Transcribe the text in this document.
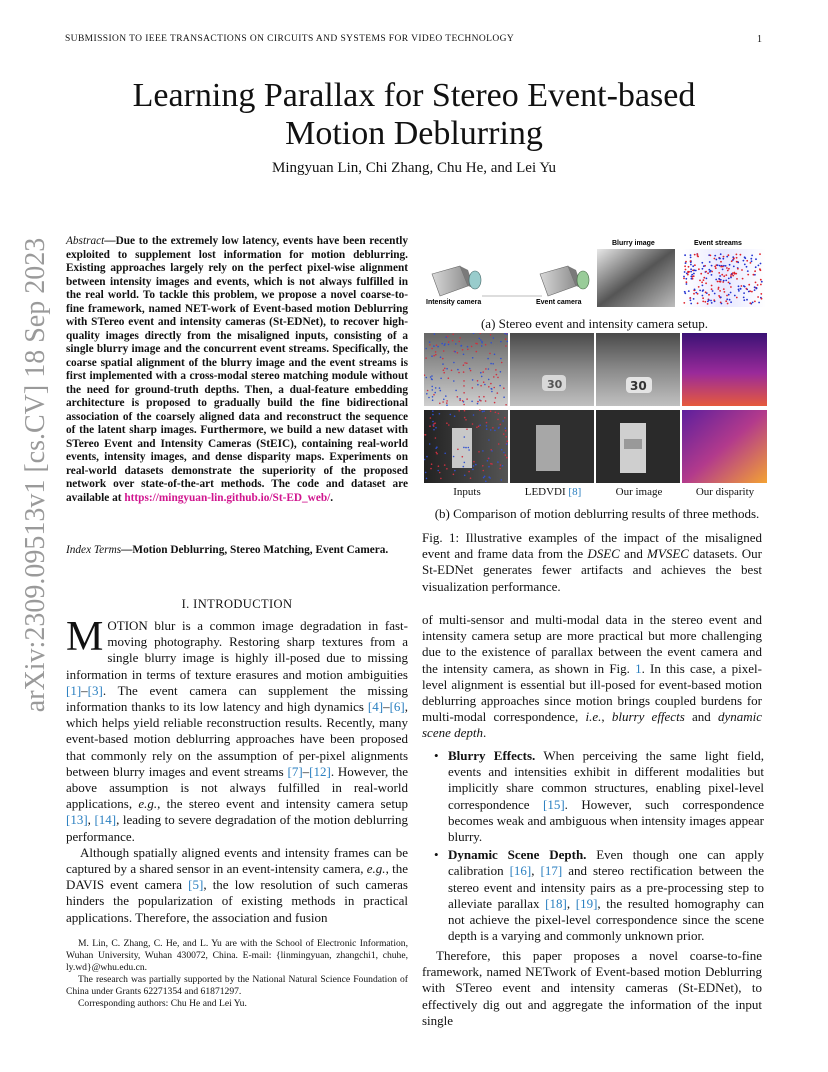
SUBMISSION TO IEEE TRANSACTIONS ON CIRCUITS AND SYSTEMS FOR VIDEO TECHNOLOGY	1
arXiv:2309.09513v1 [cs.CV] 18 Sep 2023
Learning Parallax for Stereo Event-based
Motion Deblurring
Mingyuan Lin, Chi Zhang, Chu He, and Lei Yu
Abstract—Due to the extremely low latency, events have been recently exploited to supplement lost information for motion deblurring. Existing approaches largely rely on the perfect pixel-wise alignment between intensity images and events, which is not always fulfilled in the real world. To tackle this problem, we propose a novel coarse-to-fine framework, named NET-work of Event-based motion Deblurring with STereo event and intensity cameras (St-EDNet), to recover high-quality images directly from the misaligned inputs, consisting of a single blurry image and the concurrent event streams. Specifically, the coarse spatial alignment of the blurry image and the event streams is first implemented with a cross-modal stereo matching module without the need for ground-truth depths. Then, a dual-feature embedding architecture is proposed to gradually build the fine bidirectional association of the coarsely aligned data and reconstruct the sequence of the latent sharp images. Furthermore, we build a new dataset with STereo Event and Intensity Cameras (StEIC), containing real-world events, intensity images, and dense disparity maps. Experiments on real-world datasets demonstrate the superiority of the proposed network over state-of-the-art methods. The code and dataset are available at https://mingyuan-lin.github.io/St-ED_web/.
Index Terms—Motion Deblurring, Stereo Matching, Event Camera.
I. INTRODUCTION

MOTION blur is a common image degradation in fast-moving photography. Restoring sharp textures from a single blurry image is highly ill-posed due to missing information in terms of texture erasures and motion ambiguities [1]–[3]. The event camera can supplement the missing information thanks to its low latency and high dynamics [4]–[6], which helps yield reliable reconstruction results. Recently, many event-based motion deblurring approaches have been proposed that commonly rely on the assumption of per-pixel alignments between blurry images and event streams [7]–[12]. However, the above assumption is not always fulfilled in real-world applications, e.g., the stereo event and intensity camera setup [13], [14], leading to severe degradation of the motion deblurring performance.

Although spatially aligned events and intensity frames can be captured by a shared sensor in an event-intensity camera, e.g., the DAVIS event camera [5], the low resolution of such cameras hinders the popularization of existing methods in practical applications. Therefore, the association and fusion

M. Lin, C. Zhang, C. He, and L. Yu are with the School of Electronic Information, Wuhan University, Wuhan 430072, China. E-mail: {linmingyuan, zhangchi1, chuhe, ly.wd}@whu.edu.cn.

The research was partially supported by the National Natural Science Foundation of China under Grants 62271354 and 61871297.

Corresponding authors: Chu He and Lei Yu.

Intensity camera	Event camera
Blurry image	Event streams
(a) Stereo event and intensity camera setup.
30	30
Inputs	LEDVDI [8]	Our image	Our disparity
(b) Comparison of motion deblurring results of three methods.
Fig. 1: Illustrative examples of the impact of the misaligned event and frame data from the DSEC and MVSEC datasets. Our St-EDNet generates fewer artifacts and achieves the best visualization performance.
of multi-sensor and multi-modal data in the stereo event and intensity camera setup are more practical but more challenging due to the existence of parallax between the event camera and the intensity camera, as shown in Fig. 1. In this case, a pixel-level alignment is essential but ill-posed for event-based motion deblurring approaches since motion brings coupled burdens for multi-modal correspondence, i.e., blurry effects and dynamic scene depth.
• Blurry Effects. When perceiving the same light field, events and intensities exhibit in different modalities but implicitly share common structures, enabling pixel-level correspondence [15]. However, such correspondence becomes weak and ambiguous when intensity images appear blurry.
• Dynamic Scene Depth. Even though one can apply calibration [16], [17] and stereo rectification between the stereo event and intensity pairs as a pre-processing step to alleviate parallax [18], [19], the resulted homography can not achieve the pixel-level correspondence since the scene depth is a varying and commonly unknown prior.

Therefore, this paper proposes a novel coarse-to-fine framework, named NETwork of Event-based motion Deblurring with STereo event and intensity cameras (St-EDNet), to effectively dig out and aggregate the information of the input single
